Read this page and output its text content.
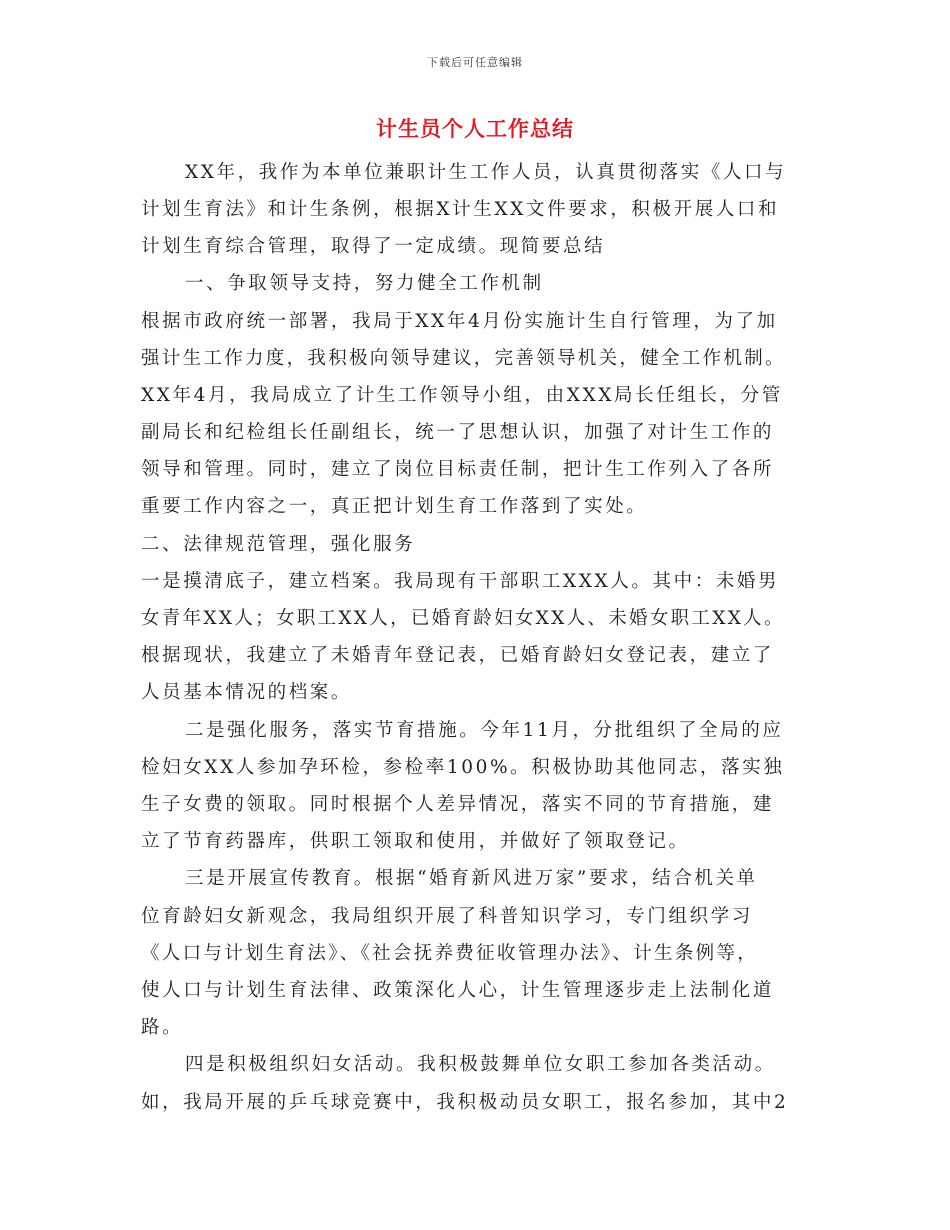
下载后可任意编辑
计生员个人工作总结
XX年，我作为本单位兼职计生工作人员，认真贯彻落实《人口与
计划生育法》和计生条例，根据X计生XX文件要求，积极开展人口和
计划生育综合管理，取得了一定成绩。现简要总结
一、争取领导支持，努力健全工作机制
根据市政府统一部署，我局于XX年4月份实施计生自行管理，为了加
强计生工作力度，我积极向领导建议，完善领导机关，健全工作机制。
XX年4月，我局成立了计生工作领导小组，由XXX局长任组长，分管
副局长和纪检组长任副组长，统一了思想认识，加强了对计生工作的
领导和管理。同时，建立了岗位目标责任制，把计生工作列入了各所
重要工作内容之一，真正把计划生育工作落到了实处。
二、法律规范管理，强化服务
一是摸清底子，建立档案。我局现有干部职工XXX人。其中：未婚男
女青年XX人；女职工XX人，已婚育龄妇女XX人、未婚女职工XX人。
根据现状，我建立了未婚青年登记表，已婚育龄妇女登记表，建立了
人员基本情况的档案。
二是强化服务，落实节育措施。今年11月，分批组织了全局的应
检妇女XX人参加孕环检，参检率100%。积极协助其他同志，落实独
生子女费的领取。同时根据个人差异情况，落实不同的节育措施，建
立了节育药器库，供职工领取和使用，并做好了领取登记。
三是开展宣传教育。根据“婚育新风进万家”要求，结合机关单
位育龄妇女新观念，我局组织开展了科普知识学习，专门组织学习
《人口与计划生育法》、《社会抚养费征收管理办法》、计生条例等，
使人口与计划生育法律、政策深化人心，计生管理逐步走上法制化道
路。
四是积极组织妇女活动。我积极鼓舞单位女职工参加各类活动。
如，我局开展的乒乓球竞赛中，我积极动员女职工，报名参加，其中2
